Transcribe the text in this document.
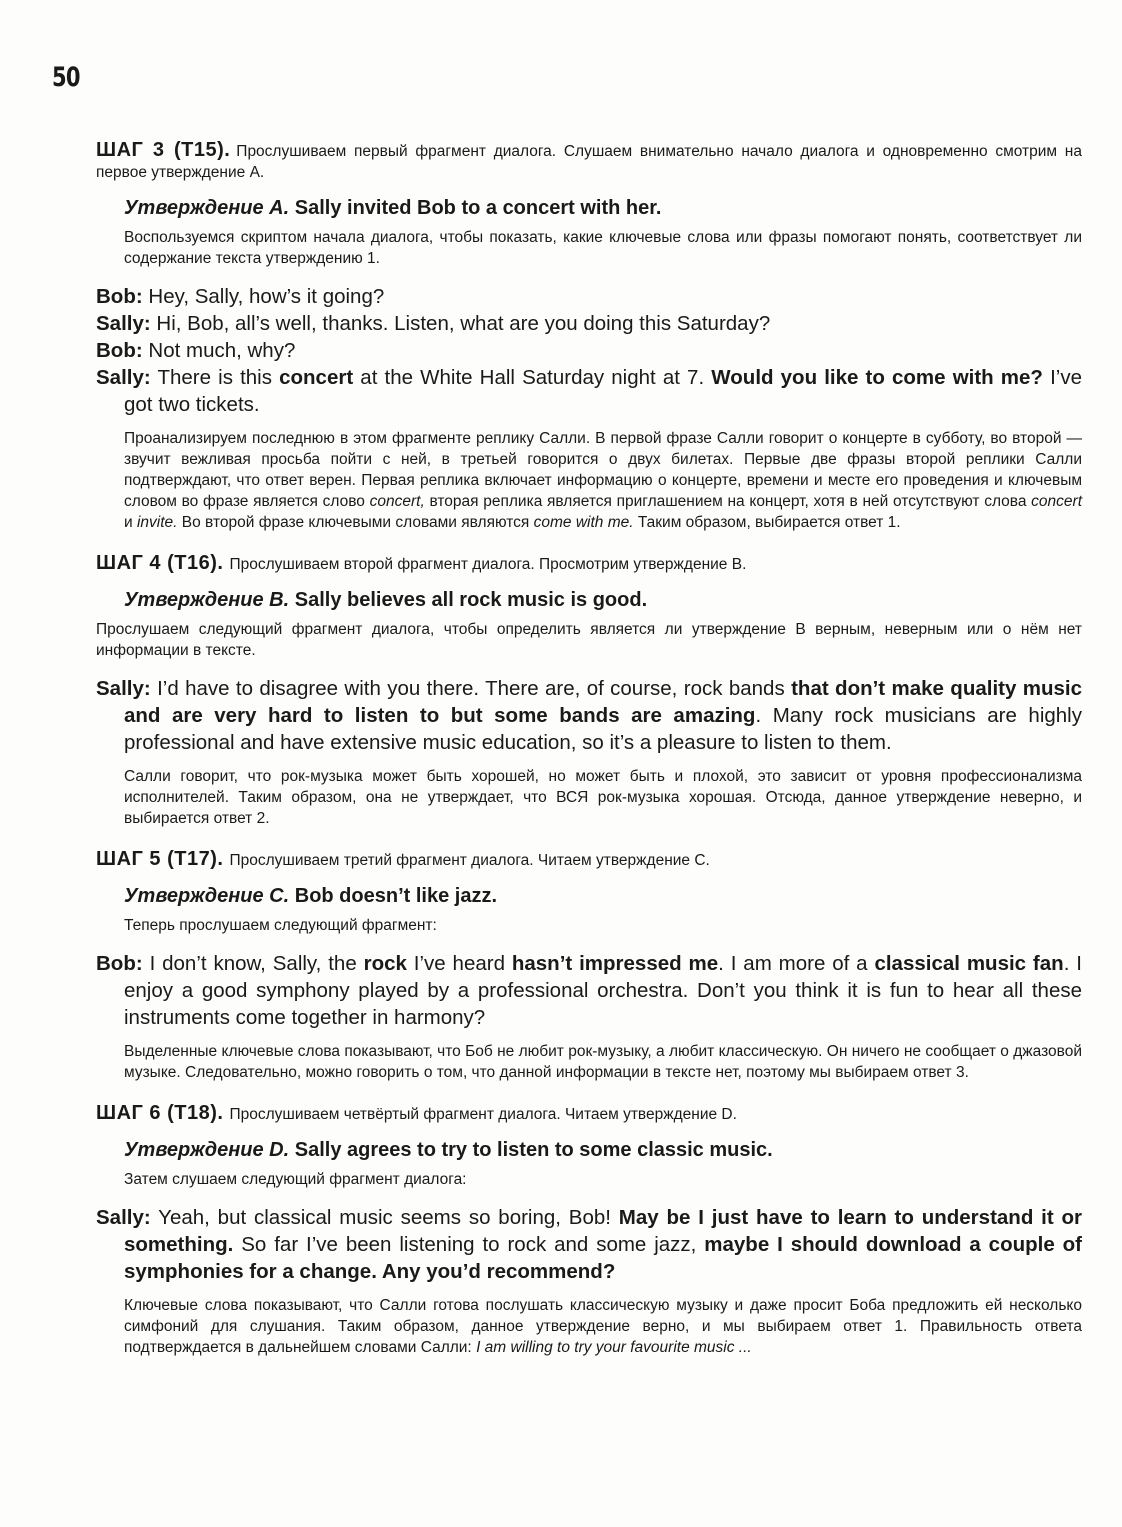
50

ШАГ 3 (Т15). Прослушиваем первый фрагмент диалога. Слушаем внимательно начало диалога и одновременно смотрим на первое утверждение А.

Утверждение A. Sally invited Bob to a concert with her.

Воспользуемся скриптом начала диалога, чтобы показать, какие ключевые слова или фразы помогают понять, соответствует ли содержание текста утверждению 1.

Bob: Hey, Sally, how’s it going?
Sally: Hi, Bob, all’s well, thanks. Listen, what are you doing this Saturday?
Bob: Not much, why?
Sally: There is this concert at the White Hall Saturday night at 7. Would you like to come with me? I’ve got two tickets.

Проанализируем последнюю в этом фрагменте реплику Салли. В первой фразе Салли говорит о концерте в субботу, во второй — звучит вежливая просьба пойти с ней, в третьей говорится о двух билетах. Первые две фразы второй реплики Салли подтверждают, что ответ верен. Первая реплика включает информацию о концерте, времени и месте его проведения и ключевым словом во фразе является слово concert, вторая реплика является приглашением на концерт, хотя в ней отсутствуют слова concert и invite. Во второй фразе ключевыми словами являются come with me. Таким образом, выбирается ответ 1.

ШАГ 4 (Т16). Прослушиваем второй фрагмент диалога. Просмотрим утверждение В.

Утверждение B. Sally believes all rock music is good.

Прослушаем следующий фрагмент диалога, чтобы определить является ли утверждение В верным, неверным или о нём нет информации в тексте.

Sally: I’d have to disagree with you there. There are, of course, rock bands that don’t make quality music and are very hard to listen to but some bands are amazing. Many rock musicians are highly professional and have extensive music education, so it’s a pleasure to listen to them.

Салли говорит, что рок-музыка может быть хорошей, но может быть и плохой, это зависит от уровня профессионализма исполнителей. Таким образом, она не утверждает, что ВСЯ рок-музыка хорошая. Отсюда, данное утверждение неверно, и выбирается ответ 2.

ШАГ 5 (Т17). Прослушиваем третий фрагмент диалога. Читаем утверждение С.

Утверждение C. Bob doesn’t like jazz.

Теперь прослушаем следующий фрагмент:

Bob: I don’t know, Sally, the rock I’ve heard hasn’t impressed me. I am more of a classical music fan. I enjoy a good symphony played by a professional orchestra. Don’t you think it is fun to hear all these instruments come together in harmony?

Выделенные ключевые слова показывают, что Боб не любит рок-музыку, а любит классическую. Он ничего не сообщает о джазовой музыке. Следовательно, можно говорить о том, что данной информации в тексте нет, поэтому мы выбираем ответ 3.

ШАГ 6 (Т18). Прослушиваем четвёртый фрагмент диалога. Читаем утверждение D.

Утверждение D. Sally agrees to try to listen to some classic music.

Затем слушаем следующий фрагмент диалога:

Sally: Yeah, but classical music seems so boring, Bob! May be I just have to learn to understand it or something. So far I’ve been listening to rock and some jazz, maybe I should download a couple of symphonies for a change. Any you’d recommend?

Ключевые слова показывают, что Салли готова послушать классическую музыку и даже просит Боба предложить ей несколько симфоний для слушания. Таким образом, данное утверждение верно, и мы выбираем ответ 1. Правильность ответа подтверждается в дальнейшем словами Салли: I am willing to try your favourite music ...
